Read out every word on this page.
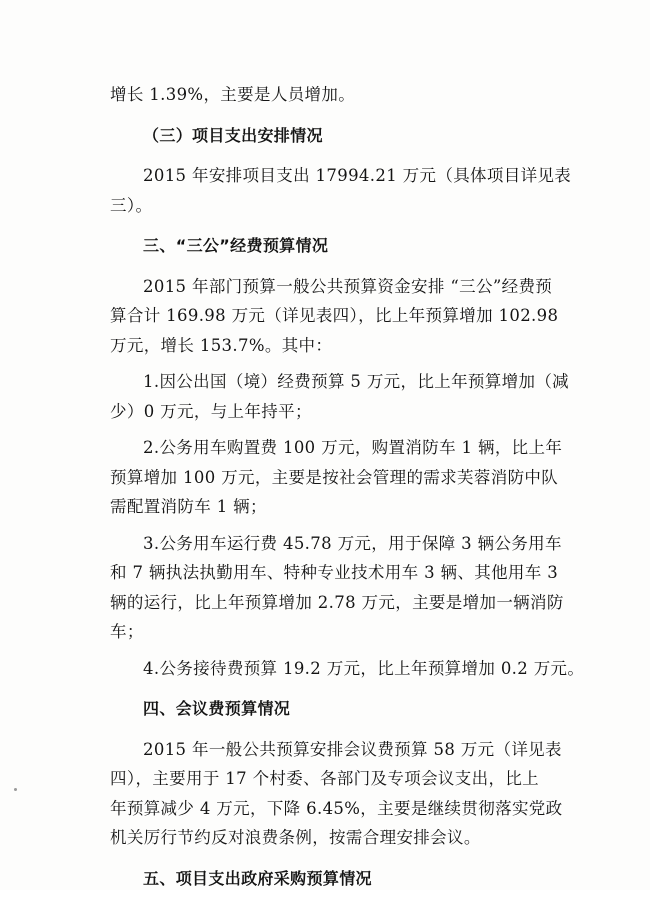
增长 1.39%，主要是人员增加。
（三）项目支出安排情况
2015 年安排项目支出 17994.21 万元（具体项目详见表
三）。
三、“三公”经费预算情况
2015 年部门预算一般公共预算资金安排 “三公”经费预
算合计 169.98 万元（详见表四），比上年预算增加 102.98
万元，增长 153.7%。其中：
1.因公出国（境）经费预算 5 万元，比上年预算增加（减
少）0 万元，与上年持平；
2.公务用车购置费 100 万元，购置消防车 1 辆，比上年
预算增加 100 万元，主要是按社会管理的需求芙蓉消防中队
需配置消防车 1 辆；
3.公务用车运行费 45.78 万元，用于保障 3 辆公务用车
和 7 辆执法执勤用车、特种专业技术用车 3 辆、其他用车 3
辆的运行，比上年预算增加 2.78 万元，主要是增加一辆消防
车；
4.公务接待费预算 19.2 万元，比上年预算增加 0.2 万元。
四、会议费预算情况
2015 年一般公共预算安排会议费预算 58 万元（详见表
四），主要用于 17 个村委、各部门及专项会议支出，比上
年预算减少 4 万元，下降 6.45%，主要是继续贯彻落实党政
机关厉行节约反对浪费条例，按需合理安排会议。
五、项目支出政府采购预算情况
